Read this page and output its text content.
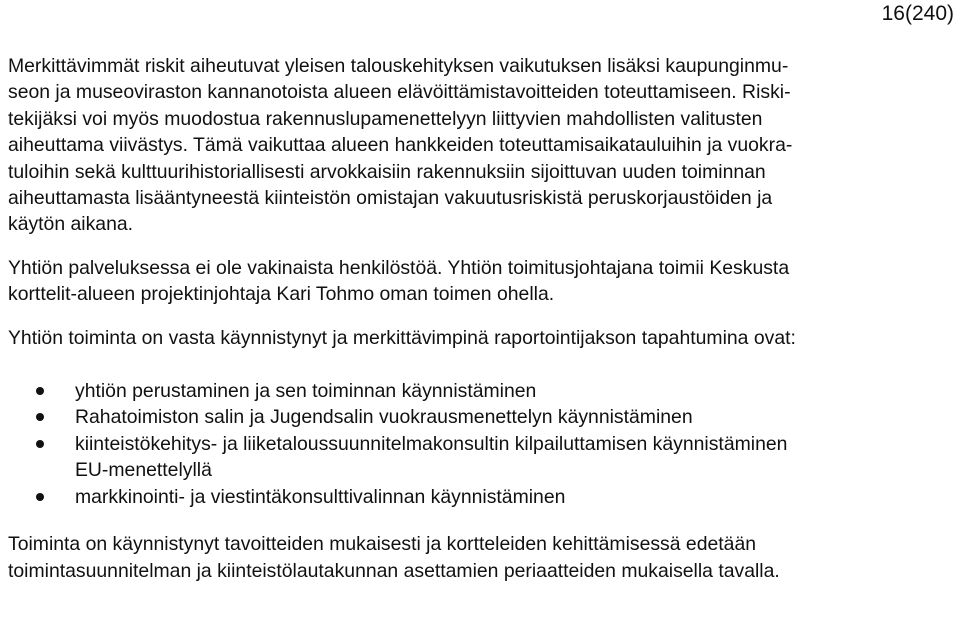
16(240)

Merkittävimmät riskit aiheutuvat yleisen talouskehityksen vaikutuksen lisäksi kaupunginmu-
seon ja museoviraston kannanotoista alueen elävöittämistavoitteiden toteuttamiseen. Riski-
tekijäksi voi myös muodostua rakennuslupamenettelyyn liittyvien mahdollisten valitusten
aiheuttama viivästys. Tämä vaikuttaa alueen hankkeiden toteuttamisaikatauluihin ja vuokra-
tuloihin sekä kulttuurihistoriallisesti arvokkaisiin rakennuksiin sijoittuvan uuden toiminnan
aiheuttamasta lisääntyneestä kiinteistön omistajan vakuutusriskistä peruskorjaustöiden ja
käytön aikana.

Yhtiön palveluksessa ei ole vakinaista henkilöstöä. Yhtiön toimitusjohtajana toimii Keskusta
korttelit-alueen projektinjohtaja Kari Tohmo oman toimen ohella.

Yhtiön toiminta on vasta käynnistynyt ja merkittävimpinä raportointijakson tapahtumina ovat:

yhtiön perustaminen ja sen toiminnan käynnistäminen
Rahatoimiston salin ja Jugendsalin vuokrausmenettelyn käynnistäminen
kiinteistökehitys- ja liiketaloussuunnitelmakonsultin kilpailuttamisen käynnistäminen
EU-menettelyllä
markkinointi- ja viestintäkonsulttivalinnan käynnistäminen

Toiminta on käynnistynyt tavoitteiden mukaisesti ja kortteleiden kehittämisessä edetään
toimintasuunnitelman ja kiinteistölautakunnan asettamien periaatteiden mukaisella tavalla.
